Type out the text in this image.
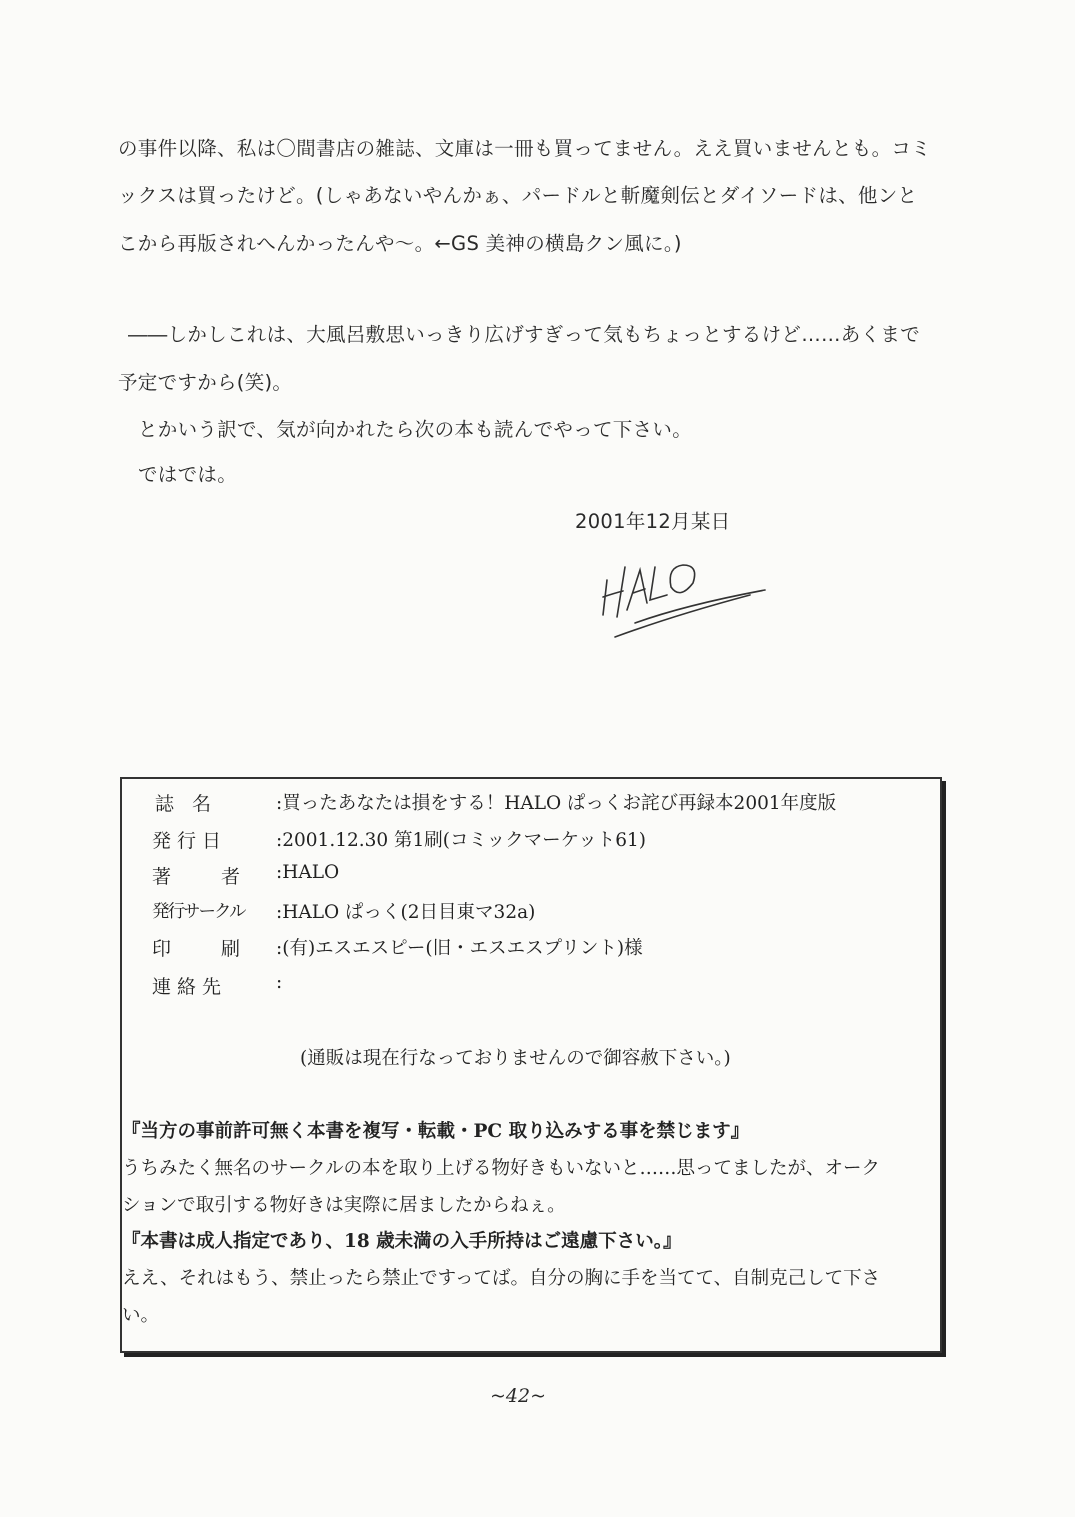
の事件以降、私は〇間書店の雑誌、文庫は一冊も買ってません。ええ買いませんとも。コミ
ックスは買ったけど。(しゃあないやんかぁ、パードルと斬魔剣伝とダイソードは、他ンと
こから再版されへんかったんや〜。←GS 美神の横島クン風に。)
――しかしこれは、大風呂敷思いっきり広げすぎって気もちょっとするけど……あくまで
予定ですから(笑)。
とかいう訳で、気が向かれたら次の本も読んでやって下さい。
ではでは。
2001年12月某日
誌 名	:買ったあなたは損をする！HALO ぱっくお詫び再録本2001年度版
発行日	:2001.12.30 第1刷(コミックマーケット61)
著 者 :HALO
発行サークル :HALO ぱっく(2日目東マ32a)
印 刷 :(有)エスエスピー(旧・エスエスプリント)様
連絡先	:
(通販は現在行なっておりませんので御容赦下さい。)
『当方の事前許可無く本書を複写・転載・PC 取り込みする事を禁じます』
うちみたく無名のサークルの本を取り上げる物好きもいないと……思ってましたが、オーク
ションで取引する物好きは実際に居ましたからねぇ。
『本書は成人指定であり、18 歳未満の入手所持はご遠慮下さい。』
ええ、それはもう、禁止ったら禁止ですってば。自分の胸に手を当てて、自制克己して下さ
い。
~42~
